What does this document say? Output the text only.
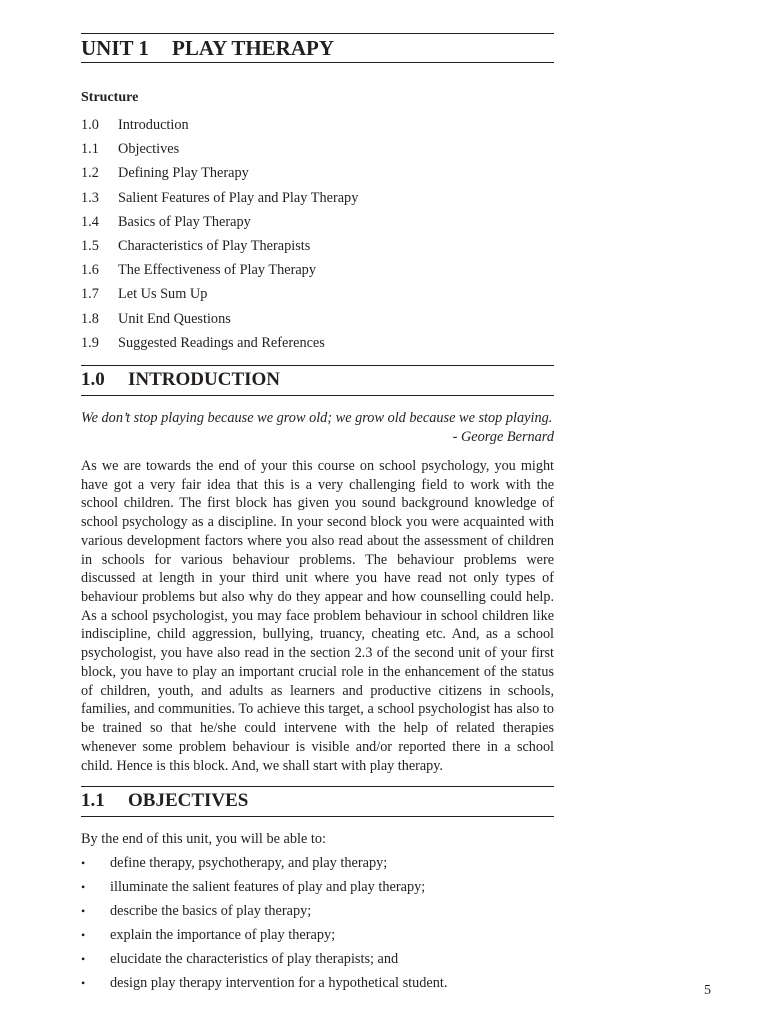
UNIT 1 PLAY THERAPY
Structure
1.0 Introduction
1.1 Objectives
1.2 Defining Play Therapy
1.3 Salient Features of Play and Play Therapy
1.4 Basics of Play Therapy
1.5 Characteristics of Play Therapists
1.6 The Effectiveness of Play Therapy
1.7 Let Us Sum Up
1.8 Unit End Questions
1.9 Suggested Readings and References
1.0 INTRODUCTION
We don’t stop playing because we grow old; we grow old because we stop playing.
- George Bernard

As we are towards the end of your this course on school psychology, you might have got a very fair idea that this is a very challenging field to work with the school children. The first block has given you sound background knowledge of school psychology as a discipline. In your second block you were acquainted with various development factors where you also read about the assessment of children in schools for various behaviour problems. The behaviour problems were discussed at length in your third unit where you have read not only types of behaviour problems but also why do they appear and how counselling could help. As a school psychologist, you may face problem behaviour in school children like indiscipline, child aggression, bullying, truancy, cheating etc. And, as a school psychologist, you have also read in the section 2.3 of the second unit of your first block, you have to play an important crucial role in the enhancement of the status of children, youth, and adults as learners and productive citizens in schools, families, and communities. To achieve this target, a school psychologist has also to be trained so that he/she could intervene with the help of related therapies whenever some problem behaviour is visible and/or reported there in a school child. Hence is this block. And, we shall start with play therapy.

1.1 OBJECTIVES
By the end of this unit, you will be able to:
• define therapy, psychotherapy, and play therapy;
• illuminate the salient features of play and play therapy;
• describe the basics of play therapy;
• explain the importance of play therapy;
• elucidate the characteristics of play therapists; and
• design play therapy intervention for a hypothetical student.	5
